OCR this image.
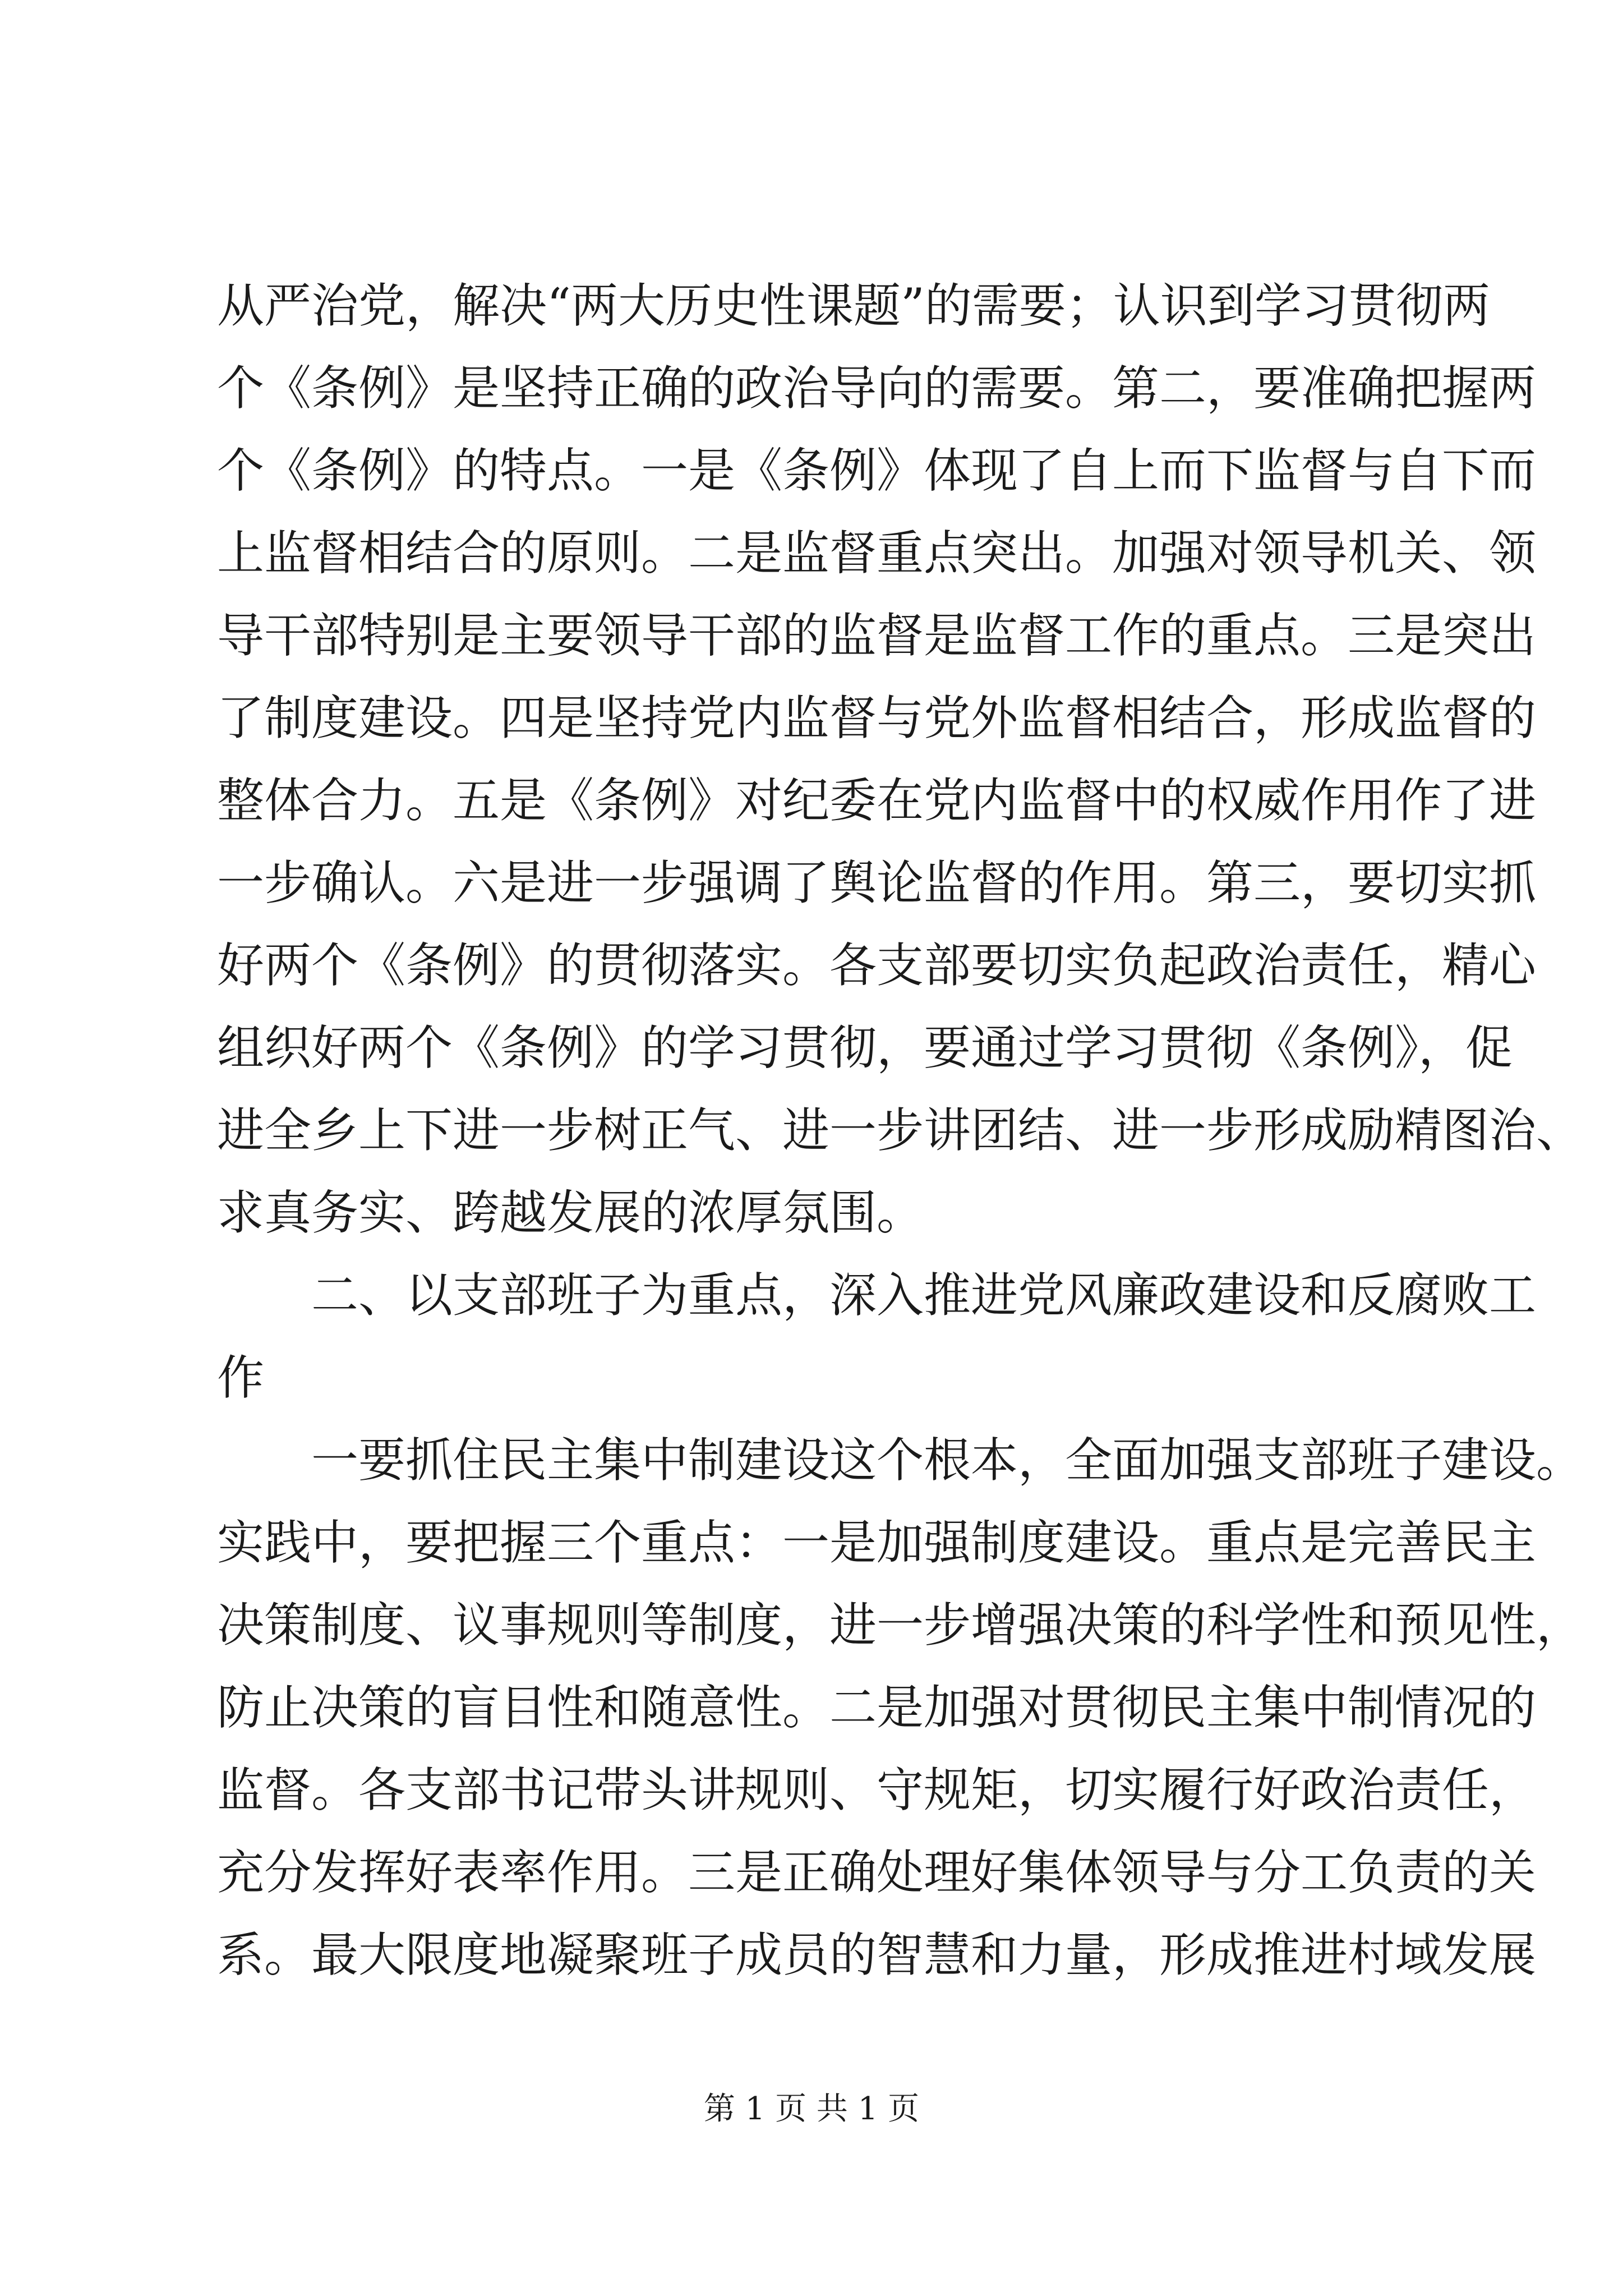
从严治党，解决“两大历史性课题”的需要；认识到学习贯彻两
个《条例》是坚持正确的政治导向的需要。第二，要准确把握两
个《条例》的特点。一是《条例》体现了自上而下监督与自下而
上监督相结合的原则。二是监督重点突出。加强对领导机关、领
导干部特别是主要领导干部的监督是监督工作的重点。三是突出
了制度建设。四是坚持党内监督与党外监督相结合，形成监督的
整体合力。五是《条例》对纪委在党内监督中的权威作用作了进
一步确认。六是进一步强调了舆论监督的作用。第三，要切实抓
好两个《条例》的贯彻落实。各支部要切实负起政治责任，精心
组织好两个《条例》的学习贯彻，要通过学习贯彻《条例》，促
进全乡上下进一步树正气、进一步讲团结、进一步形成励精图治、
求真务实、跨越发展的浓厚氛围。
二、以支部班子为重点，深入推进党风廉政建设和反腐败工
作
一要抓住民主集中制建设这个根本，全面加强支部班子建设。
实践中，要把握三个重点：一是加强制度建设。重点是完善民主
决策制度、议事规则等制度，进一步增强决策的科学性和预见性，
防止决策的盲目性和随意性。二是加强对贯彻民主集中制情况的
监督。各支部书记带头讲规则、守规矩，切实履行好政治责任，
充分发挥好表率作用。三是正确处理好集体领导与分工负责的关
系。最大限度地凝聚班子成员的智慧和力量，形成推进村域发展
第 1 页 共 1 页
